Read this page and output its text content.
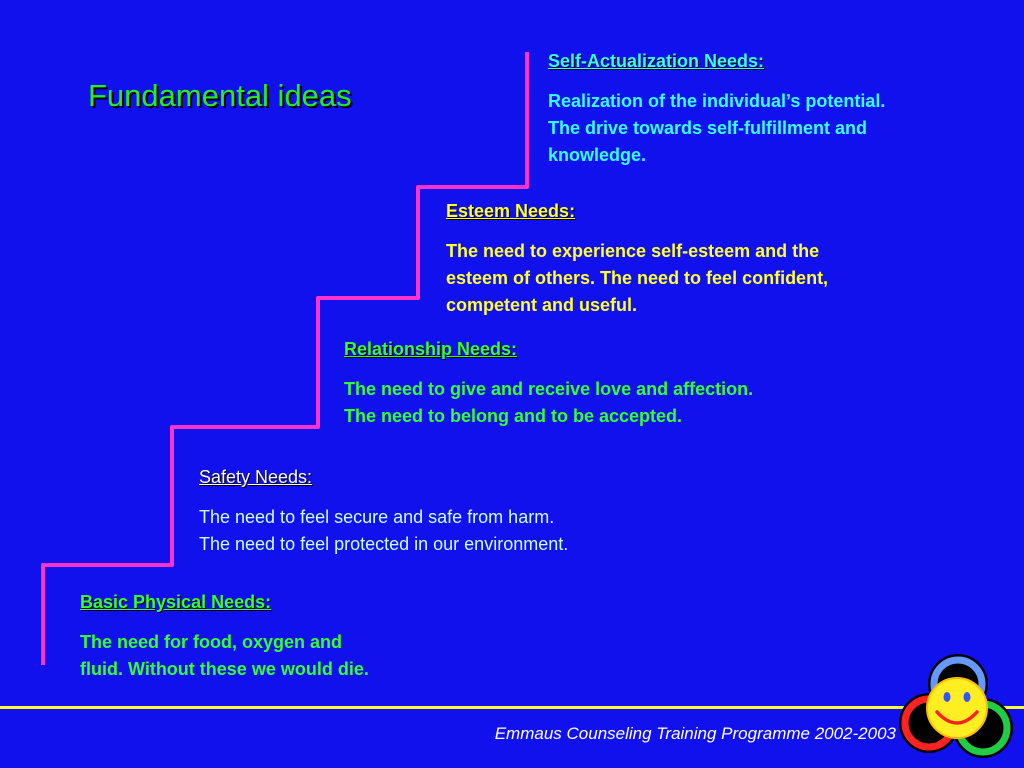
Fundamental ideas
Self-Actualization Needs:
Realization of the individual’s potential.
The drive towards self-fulfillment and
knowledge.
Esteem Needs:
The need to experience self-esteem and the
esteem of others. The need to feel confident,
competent and useful.
Relationship Needs:
The need to give and receive love and affection.
The need to belong and to be accepted.
Safety Needs:
The need to feel secure and safe from harm.
The need to feel protected in our environment.
Basic Physical Needs:
The need for food, oxygen and
fluid. Without these we would die.
Emmaus Counseling Training Programme 2002-2003
